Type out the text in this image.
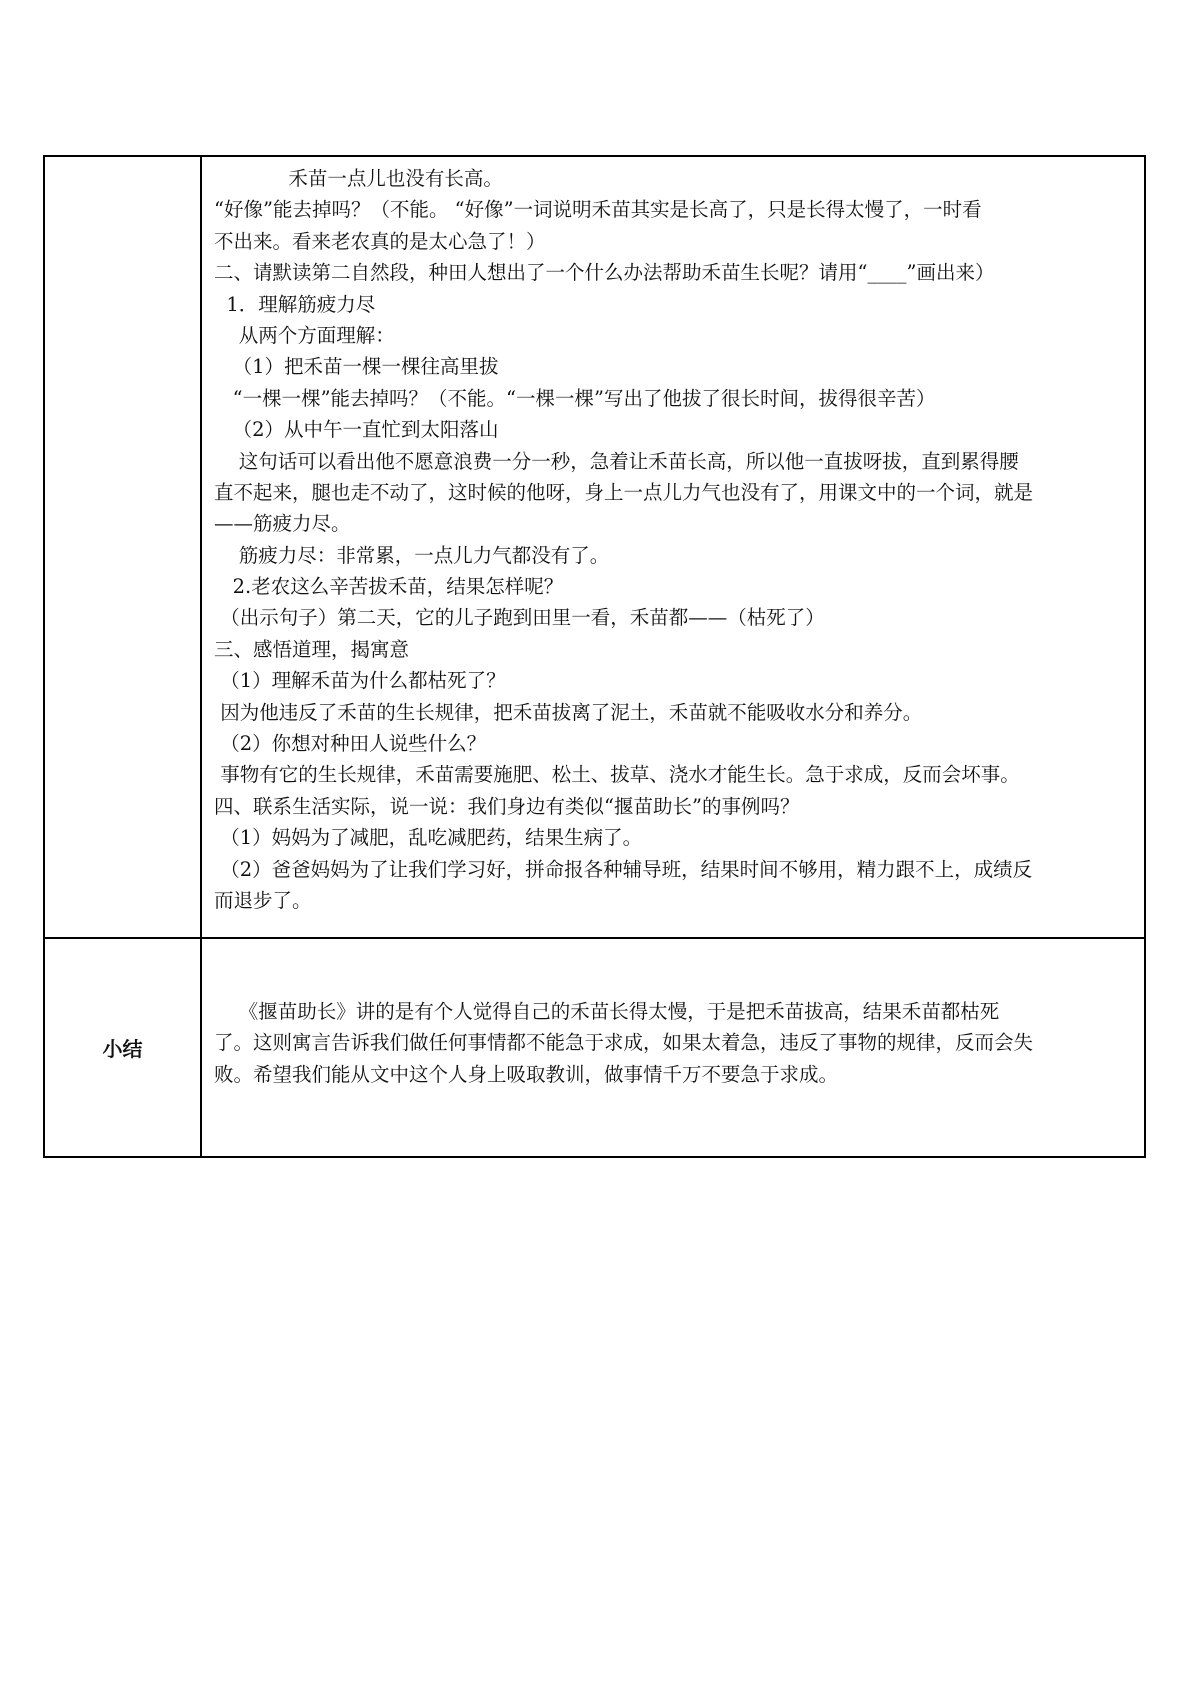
禾苗一点儿也没有长高。
“好像”能去掉吗？（不能。 “好像”一词说明禾苗其实是长高了，只是长得太慢了，一时看
不出来。看来老农真的是太心急了！）
二、请默读第二自然段，种田人想出了一个什么办法帮助禾苗生长呢？请用“____”画出来）
1．理解筋疲力尽
从两个方面理解：
（1）把禾苗一棵一棵往高里拔
“一棵一棵”能去掉吗？（不能。“一棵一棵”写出了他拔了很长时间，拔得很辛苦）
（2）从中午一直忙到太阳落山
这句话可以看出他不愿意浪费一分一秒，急着让禾苗长高，所以他一直拔呀拔，直到累得腰
直不起来，腿也走不动了，这时候的他呀，身上一点儿力气也没有了，用课文中的一个词，就是
——筋疲力尽。
筋疲力尽：非常累，一点儿力气都没有了。
2.老农这么辛苦拔禾苗，结果怎样呢？
（出示句子）第二天，它的儿子跑到田里一看，禾苗都——（枯死了）
三、感悟道理，揭寓意
（1）理解禾苗为什么都枯死了？
因为他违反了禾苗的生长规律，把禾苗拔离了泥土，禾苗就不能吸收水分和养分。
（2）你想对种田人说些什么？
事物有它的生长规律，禾苗需要施肥、松土、拔草、浇水才能生长。急于求成，反而会坏事。
四、联系生活实际，说一说：我们身边有类似“揠苗助长”的事例吗？
（1）妈妈为了减肥，乱吃减肥药，结果生病了。
（2）爸爸妈妈为了让我们学习好，拼命报各种辅导班，结果时间不够用，精力跟不上，成绩反
而退步了。
小结
《揠苗助长》讲的是有个人觉得自己的禾苗长得太慢，于是把禾苗拔高，结果禾苗都枯死
了。这则寓言告诉我们做任何事情都不能急于求成，如果太着急，违反了事物的规律，反而会失
败。希望我们能从文中这个人身上吸取教训，做事情千万不要急于求成。
